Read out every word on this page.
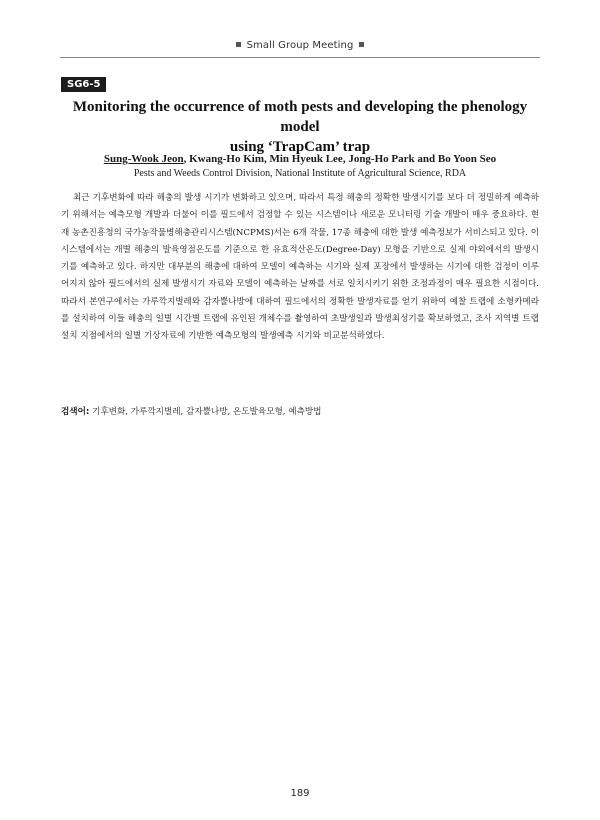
Small Group Meeting
SG6-5
Monitoring the occurrence of moth pests and developing the phenology model
using ‘TrapCam’ trap
Sung-Wook Jeon, Kwang-Ho Kim, Min Hyeuk Lee, Jong-Ho Park and Bo Yoon Seo
Pests and Weeds Control Division, National Institute of Agricultural Science, RDA

최근 기후변화에 따라 해충의 발생 시기가 변화하고 있으며, 따라서 특정 해충의 정확한 발생시기를 보다 더 정밀하게 예측하기 위해서는 예측모형 개발과 더불어 이를 필드에서 검정할 수 있는 시스템이나 새로운 모니터링 기술 개발이 매우 중요하다. 현재 농촌진흥청의 국가농작물병해충관리시스템(NCPMS)서는 6개 작물, 17종 해충에 대한 발생 예측정보가 서비스되고 있다. 이 시스템에서는 개별 해충의 발육영점온도를 기준으로 한 유효적산온도(Degree-Day) 모형을 기반으로 실제 야외에서의 발생시기를 예측하고 있다. 하지만 대부분의 해충에 대하여 모델이 예측하는 시기와 실제 포장에서 발생하는 시기에 대한 검정이 이루어지지 않아 필드에서의 실제 발생시기 자료와 모델이 예측하는 날짜를 서로 일치시키기 위한 조정과정이 매우 필요한 시점이다. 따라서 본연구에서는 가루깍지벌레와 감자뿔나방에 대하여 필드에서의 정확한 발생자료를 얻기 위하여 예찰 트랩에 소형카메라를 설치하여 이들 해충의 일별 시간별 트랩에 유인된 개체수를 촬영하여 초발생일과 발생최성기를 확보하였고, 조사 지역별 트랩설치 지점에서의 일별 기상자료에 기반한 예측모형의 발생예측 시기와 비교분석하였다.

검색어: 기후변화, 가루깍지벌레, 감자뿔나방, 온도발육모형, 예측방법
189
